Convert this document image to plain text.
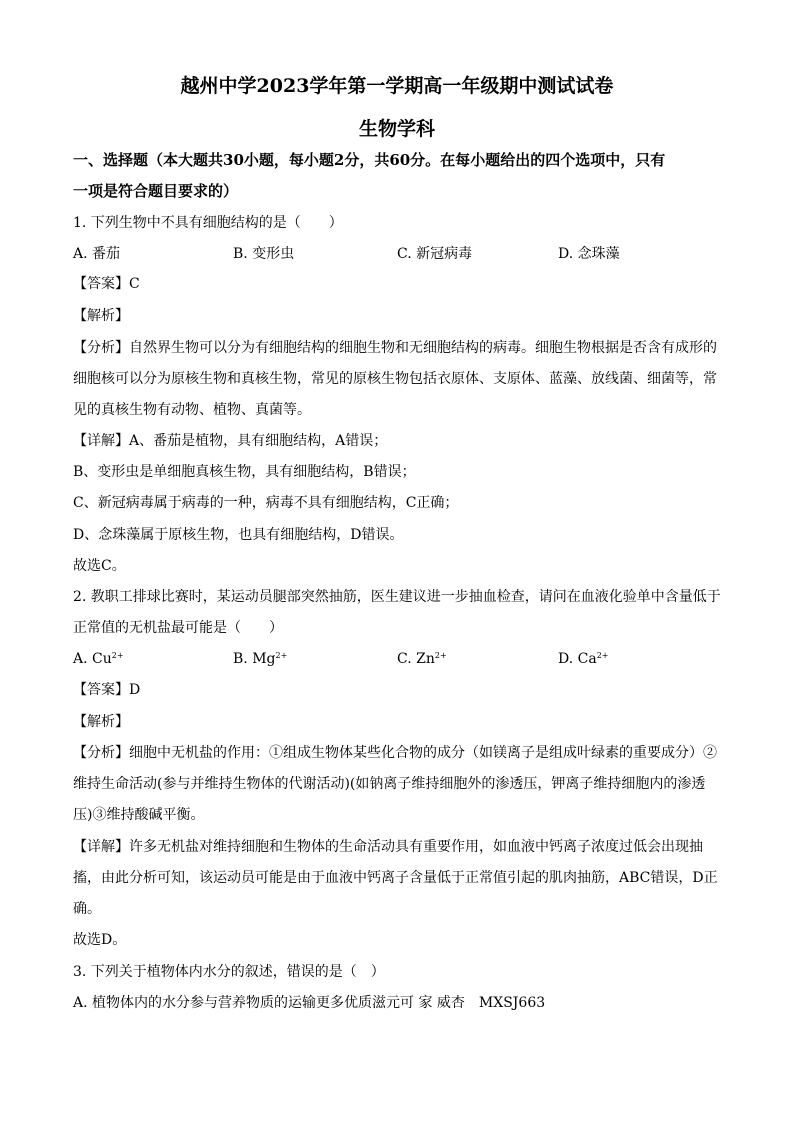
越州中学2023学年第一学期高一年级期中测试试卷
生物学科
一、选择题（本大题共30小题，每小题2分，共60分。在每小题给出的四个选项中，只有
一项是符合题目要求的）
1. 下列生物中不具有细胞结构的是（　　）
A. 番茄	B. 变形虫	C. 新冠病毒	D. 念珠藻
【答案】C
【解析】
【分析】自然界生物可以分为有细胞结构的细胞生物和无细胞结构的病毒。细胞生物根据是否含有成形的
细胞核可以分为原核生物和真核生物，常见的原核生物包括衣原体、支原体、蓝藻、放线菌、细菌等，常
见的真核生物有动物、植物、真菌等。
【详解】A、番茄是植物，具有细胞结构，A错误；
B、变形虫是单细胞真核生物，具有细胞结构，B错误；
C、新冠病毒属于病毒的一种，病毒不具有细胞结构，C正确；
D、念珠藻属于原核生物，也具有细胞结构，D错误。
故选C。
2. 教职工排球比赛时，某运动员腿部突然抽筋，医生建议进一步抽血检查，请问在血液化验单中含量低于
正常值的无机盐最可能是（　　）
A. $Cu^{2+}$	B. $Mg^{2+}$	C. $Zn^{2+}$	D. $Ca^{2+}$
【答案】D
【解析】
【分析】细胞中无机盐的作用：①组成生物体某些化合物的成分（如镁离子是组成叶绿素的重要成分）②
维持生命活动(参与并维持生物体的代谢活动)(如钠离子维持细胞外的渗透压，钾离子维持细胞内的渗透
压)③维持酸碱平衡。
【详解】许多无机盐对维持细胞和生物体的生命活动具有重要作用，如血液中钙离子浓度过低会出现抽
搐，由此分析可知，该运动员可能是由于血液中钙离子含量低于正常值引起的肌肉抽筋，ABC错误，D正
确。
故选D。
3. 下列关于植物体内水分的叙述，错误的是（　）
A. 植物体内的水分参与营养物质的运输更多优质滋元可 家 威杏　MXSJ663
